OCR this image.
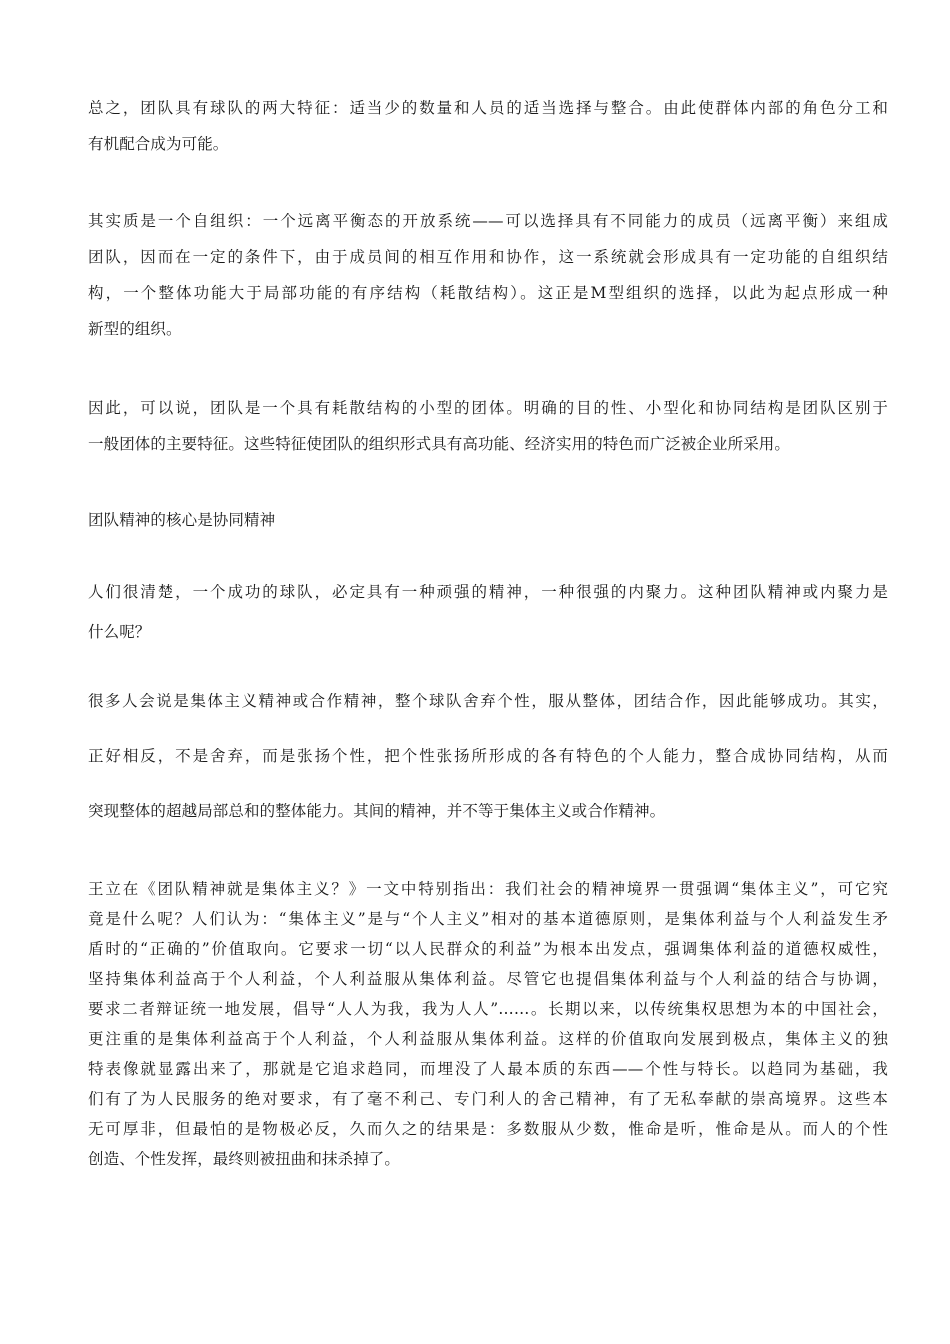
总之，团队具有球队的两大特征：适当少的数量和人员的适当选择与整合。由此使群体内部的角色分工和
有机配合成为可能。
其实质是一个自组织：一个远离平衡态的开放系统——可以选择具有不同能力的成员（远离平衡）来组成
团队，因而在一定的条件下，由于成员间的相互作用和协作，这一系统就会形成具有一定功能的自组织结
构，一个整体功能大于局部功能的有序结构（耗散结构）。这正是M型组织的选择，以此为起点形成一种
新型的组织。
因此，可以说，团队是一个具有耗散结构的小型的团体。明确的目的性、小型化和协同结构是团队区别于
一般团体的主要特征。这些特征使团队的组织形式具有高功能、经济实用的特色而广泛被企业所采用。
团队精神的核心是协同精神
人们很清楚，一个成功的球队，必定具有一种顽强的精神，一种很强的内聚力。这种团队精神或内聚力是
什么呢？
很多人会说是集体主义精神或合作精神，整个球队舍弃个性，服从整体，团结合作，因此能够成功。其实，
正好相反，不是舍弃，而是张扬个性，把个性张扬所形成的各有特色的个人能力，整合成协同结构，从而
突现整体的超越局部总和的整体能力。其间的精神，并不等于集体主义或合作精神。
王立在《团队精神就是集体主义？》一文中特别指出：我们社会的精神境界一贯强调“集体主义”，可它究
竟是什么呢？人们认为：“集体主义”是与“个人主义”相对的基本道德原则，是集体利益与个人利益发生矛
盾时的“正确的”价值取向。它要求一切“以人民群众的利益”为根本出发点，强调集体利益的道德权威性，
坚持集体利益高于个人利益，个人利益服从集体利益。尽管它也提倡集体利益与个人利益的结合与协调，
要求二者辩证统一地发展，倡导“人人为我，我为人人”……。长期以来，以传统集权思想为本的中国社会，
更注重的是集体利益高于个人利益，个人利益服从集体利益。这样的价值取向发展到极点，集体主义的独
特表像就显露出来了，那就是它追求趋同，而埋没了人最本质的东西——个性与特长。以趋同为基础，我
们有了为人民服务的绝对要求，有了毫不利己、专门利人的舍己精神，有了无私奉献的崇高境界。这些本
无可厚非，但最怕的是物极必反，久而久之的结果是：多数服从少数，惟命是听，惟命是从。而人的个性
创造、个性发挥，最终则被扭曲和抹杀掉了。
